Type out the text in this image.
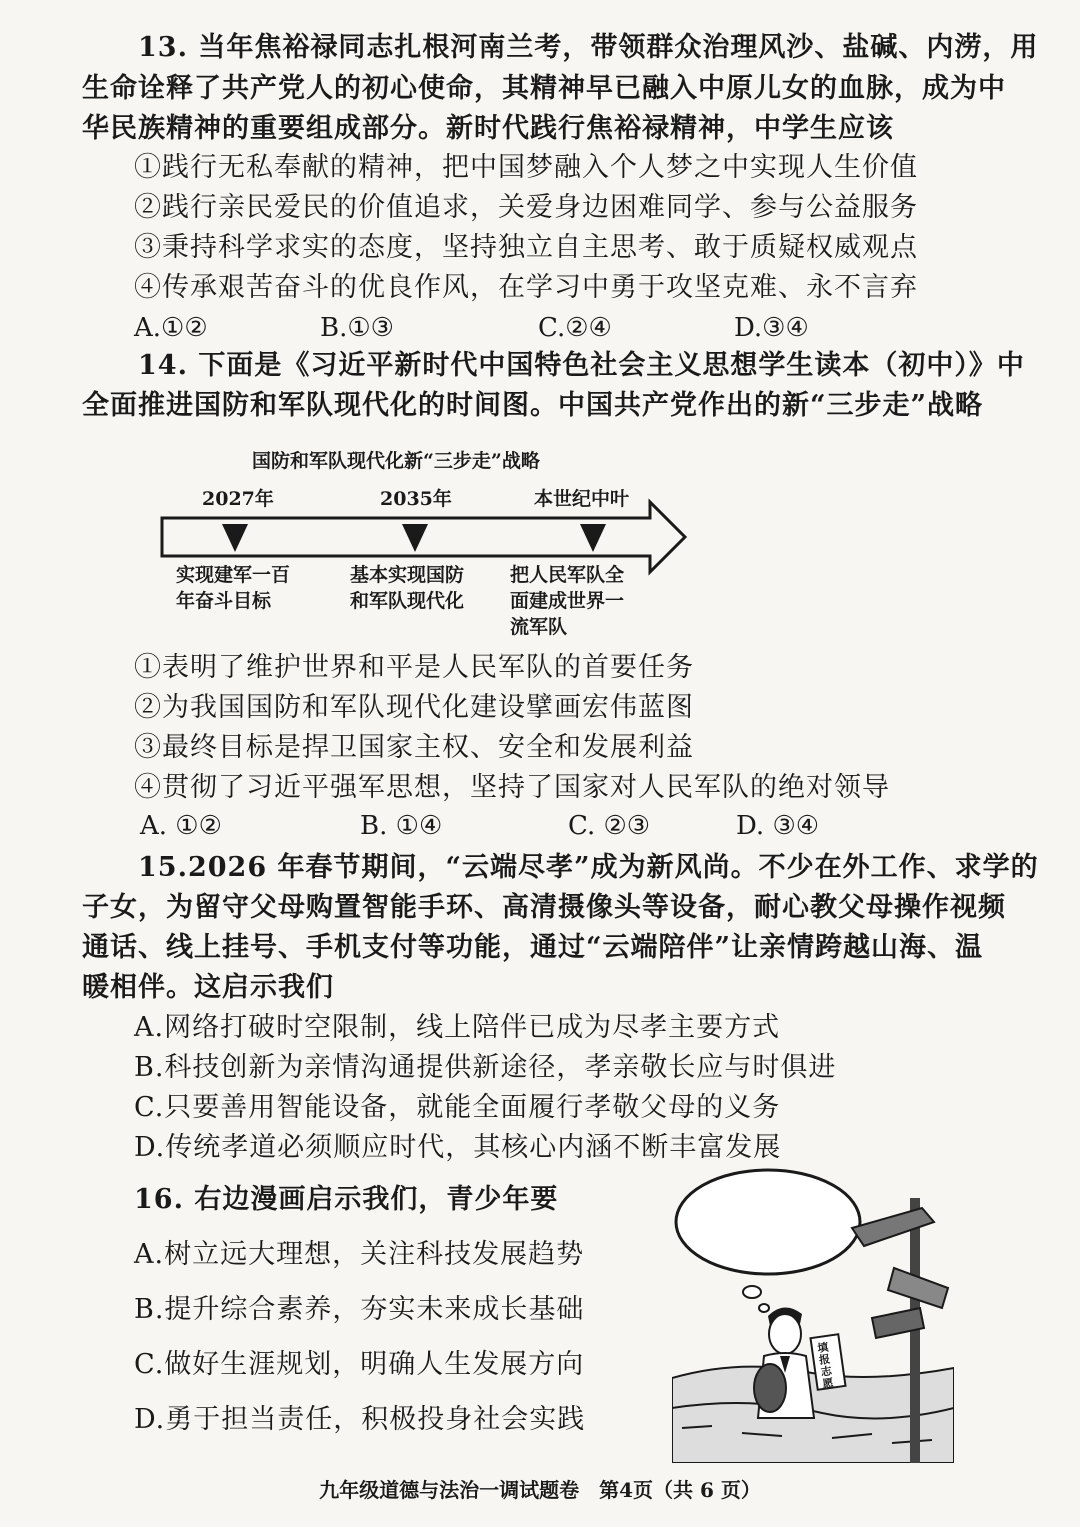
13. 当年焦裕禄同志扎根河南兰考，带领群众治理风沙、盐碱、内涝，用
生命诠释了共产党人的初心使命，其精神早已融入中原儿女的血脉，成为中
华民族精神的重要组成部分。新时代践行焦裕禄精神，中学生应该
①践行无私奉献的精神，把中国梦融入个人梦之中实现人生价值
②践行亲民爱民的价值追求，关爱身边困难同学、参与公益服务
③秉持科学求实的态度，坚持独立自主思考、敢于质疑权威观点
④传承艰苦奋斗的优良作风，在学习中勇于攻坚克难、永不言弃
A.①②	B.①③	C.②④	D.③④
14. 下面是《习近平新时代中国特色社会主义思想学生读本（初中）》中
全面推进国防和军队现代化的时间图。中国共产党作出的新“三步走”战略
国防和军队现代化新“三步走”战略
2027年	2035年	本世纪中叶
实现建军一百
年奋斗目标
基本实现国防
和军队现代化
把人民军队全
面建成世界一
流军队
①表明了维护世界和平是人民军队的首要任务
②为我国国防和军队现代化建设擘画宏伟蓝图
③最终目标是捍卫国家主权、安全和发展利益
④贯彻了习近平强军思想，坚持了国家对人民军队的绝对领导
A. ①②	B. ①④	C. ②③	D. ③④
15.2026 年春节期间，“云端尽孝”成为新风尚。不少在外工作、求学的
子女，为留守父母购置智能手环、高清摄像头等设备，耐心教父母操作视频
通话、线上挂号、手机支付等功能，通过“云端陪伴”让亲情跨越山海、温
暖相伴。这启示我们
A.网络打破时空限制，线上陪伴已成为尽孝主要方式
B.科技创新为亲情沟通提供新途径，孝亲敬长应与时俱进
C.只要善用智能设备，就能全面履行孝敬父母的义务
D.传统孝道必须顺应时代，其核心内涵不断丰富发展
16. 右边漫画启示我们，青少年要
A.树立远大理想，关注科技发展趋势
B.提升综合素养，夯实未来成长基础
C.做好生涯规划，明确人生发展方向
D.勇于担当责任，积极投身社会实践
填报志愿
九年级道德与法治一调试题卷　第4页（共 6 页）
